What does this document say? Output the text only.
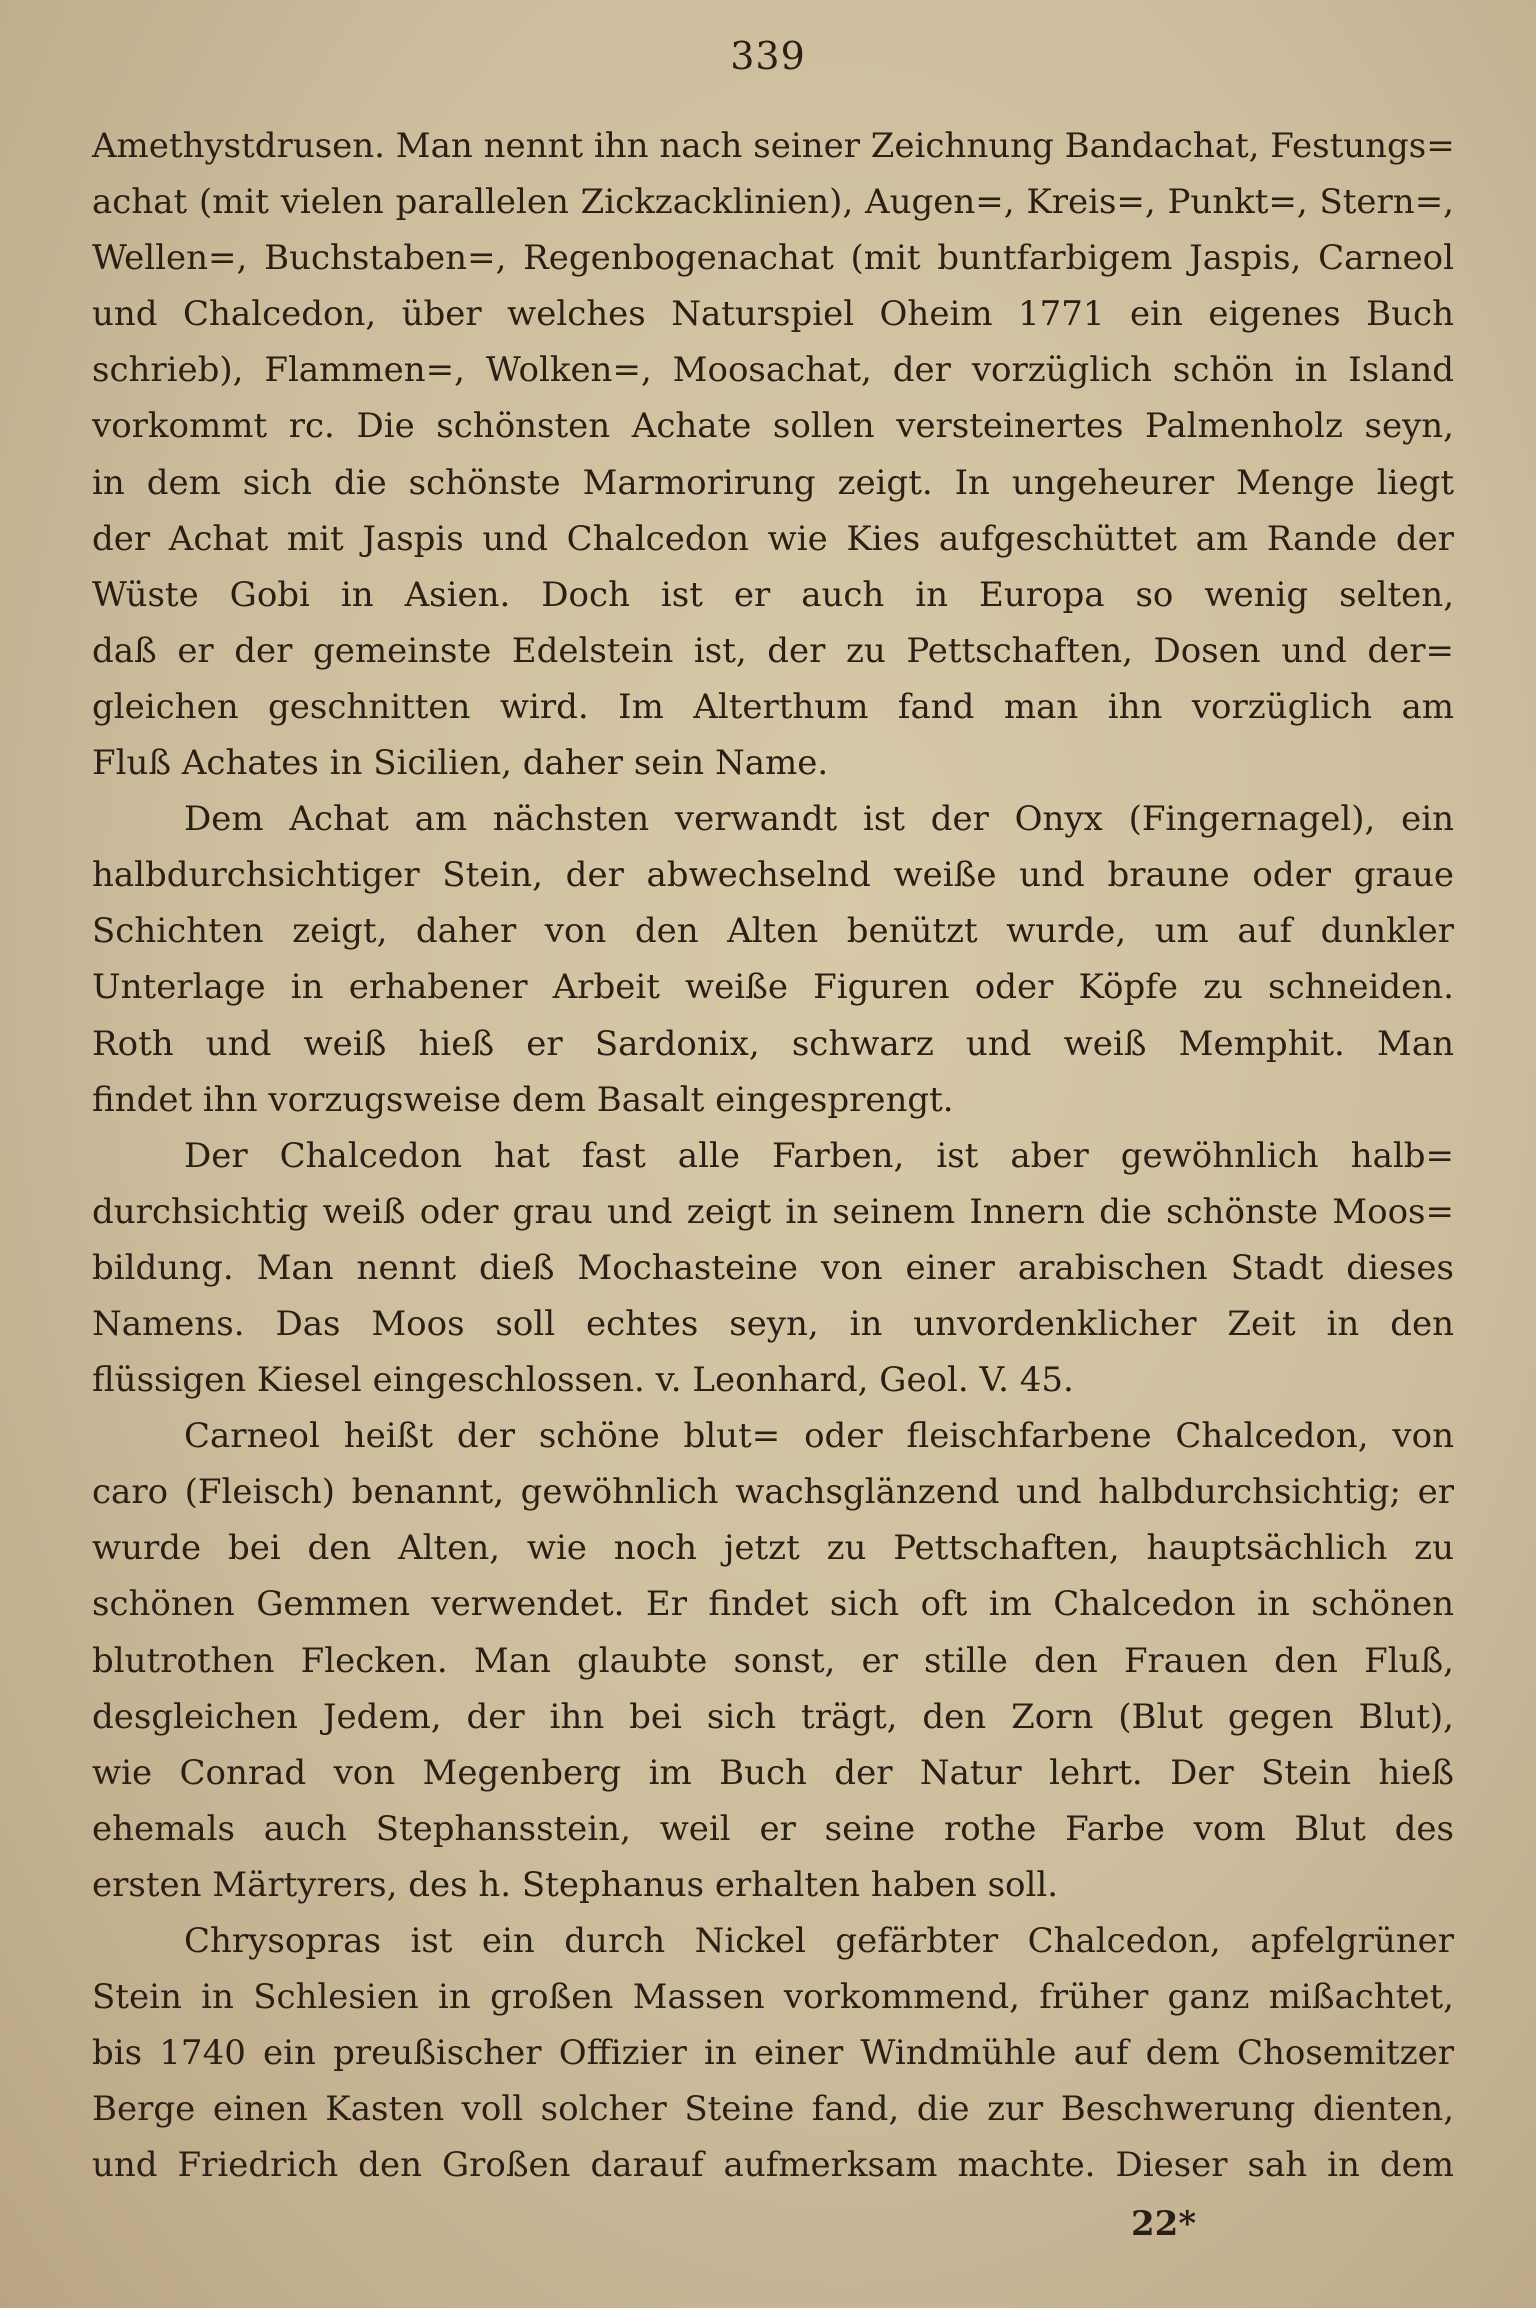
339
Amethystdrusen. Man nennt ihn nach seiner Zeichnung Bandachat, Festungs=
achat (mit vielen parallelen Zickzacklinien), Augen=, Kreis=, Punkt=, Stern=,
Wellen=, Buchstaben=, Regenbogenachat (mit buntfarbigem Jaspis, Carneol
und Chalcedon, über welches Naturspiel Oheim 1771 ein eigenes Buch
schrieb), Flammen=, Wolken=, Moosachat, der vorzüglich schön in Island
vorkommt rc. Die schönsten Achate sollen versteinertes Palmenholz seyn,
in dem sich die schönste Marmorirung zeigt. In ungeheurer Menge liegt
der Achat mit Jaspis und Chalcedon wie Kies aufgeschüttet am Rande der
Wüste Gobi in Asien. Doch ist er auch in Europa so wenig selten,
daß er der gemeinste Edelstein ist, der zu Pettschaften, Dosen und der=
gleichen geschnitten wird. Im Alterthum fand man ihn vorzüglich am
Fluß Achates in Sicilien, daher sein Name.
Dem Achat am nächsten verwandt ist der Onyx (Fingernagel), ein
halbdurchsichtiger Stein, der abwechselnd weiße und braune oder graue
Schichten zeigt, daher von den Alten benützt wurde, um auf dunkler
Unterlage in erhabener Arbeit weiße Figuren oder Köpfe zu schneiden.
Roth und weiß hieß er Sardonix, schwarz und weiß Memphit. Man
findet ihn vorzugsweise dem Basalt eingesprengt.
Der Chalcedon hat fast alle Farben, ist aber gewöhnlich halb=
durchsichtig weiß oder grau und zeigt in seinem Innern die schönste Moos=
bildung. Man nennt dieß Mochasteine von einer arabischen Stadt dieses
Namens. Das Moos soll echtes seyn, in unvordenklicher Zeit in den
flüssigen Kiesel eingeschlossen. v. Leonhard, Geol. V. 45.
Carneol heißt der schöne blut= oder fleischfarbene Chalcedon, von
caro (Fleisch) benannt, gewöhnlich wachsglänzend und halbdurchsichtig; er
wurde bei den Alten, wie noch jetzt zu Pettschaften, hauptsächlich zu
schönen Gemmen verwendet. Er findet sich oft im Chalcedon in schönen
blutrothen Flecken. Man glaubte sonst, er stille den Frauen den Fluß,
desgleichen Jedem, der ihn bei sich trägt, den Zorn (Blut gegen Blut),
wie Conrad von Megenberg im Buch der Natur lehrt. Der Stein hieß
ehemals auch Stephansstein, weil er seine rothe Farbe vom Blut des
ersten Märtyrers, des h. Stephanus erhalten haben soll.
Chrysopras ist ein durch Nickel gefärbter Chalcedon, apfelgrüner
Stein in Schlesien in großen Massen vorkommend, früher ganz mißachtet,
bis 1740 ein preußischer Offizier in einer Windmühle auf dem Chosemitzer
Berge einen Kasten voll solcher Steine fand, die zur Beschwerung dienten,
und Friedrich den Großen darauf aufmerksam machte. Dieser sah in dem
22*
